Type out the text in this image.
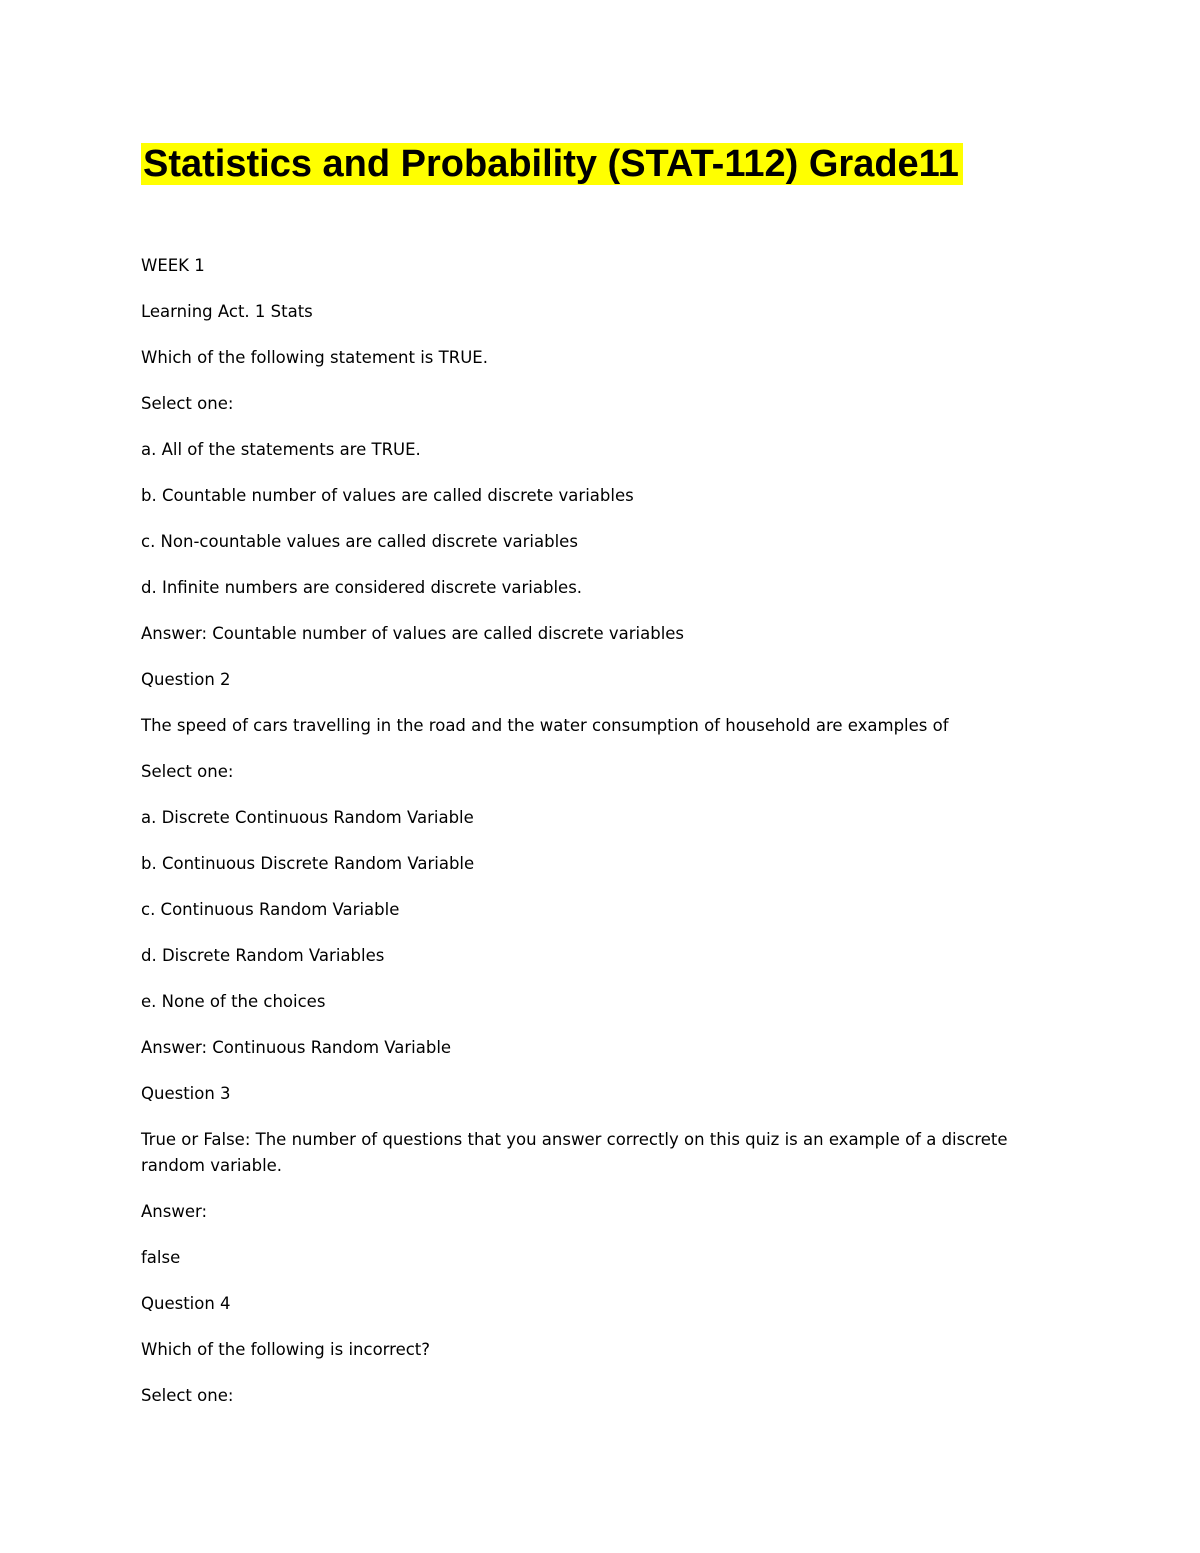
Statistics and Probability (STAT-112) Grade11

WEEK 1

Learning Act. 1 Stats

Which of the following statement is TRUE.

Select one:

a. All of the statements are TRUE.

b. Countable number of values are called discrete variables

c. Non-countable values are called discrete variables

d. Infinite numbers are considered discrete variables.

Answer: Countable number of values are called discrete variables

Question 2

The speed of cars travelling in the road and the water consumption of household are examples of

Select one:

a. Discrete Continuous Random Variable

b. Continuous Discrete Random Variable

c. Continuous Random Variable

d. Discrete Random Variables

e. None of the choices

Answer: Continuous Random Variable

Question 3

True or False: The number of questions that you answer correctly on this quiz is an example of a discrete random variable.

Answer:

false

Question 4

Which of the following is incorrect?

Select one:
